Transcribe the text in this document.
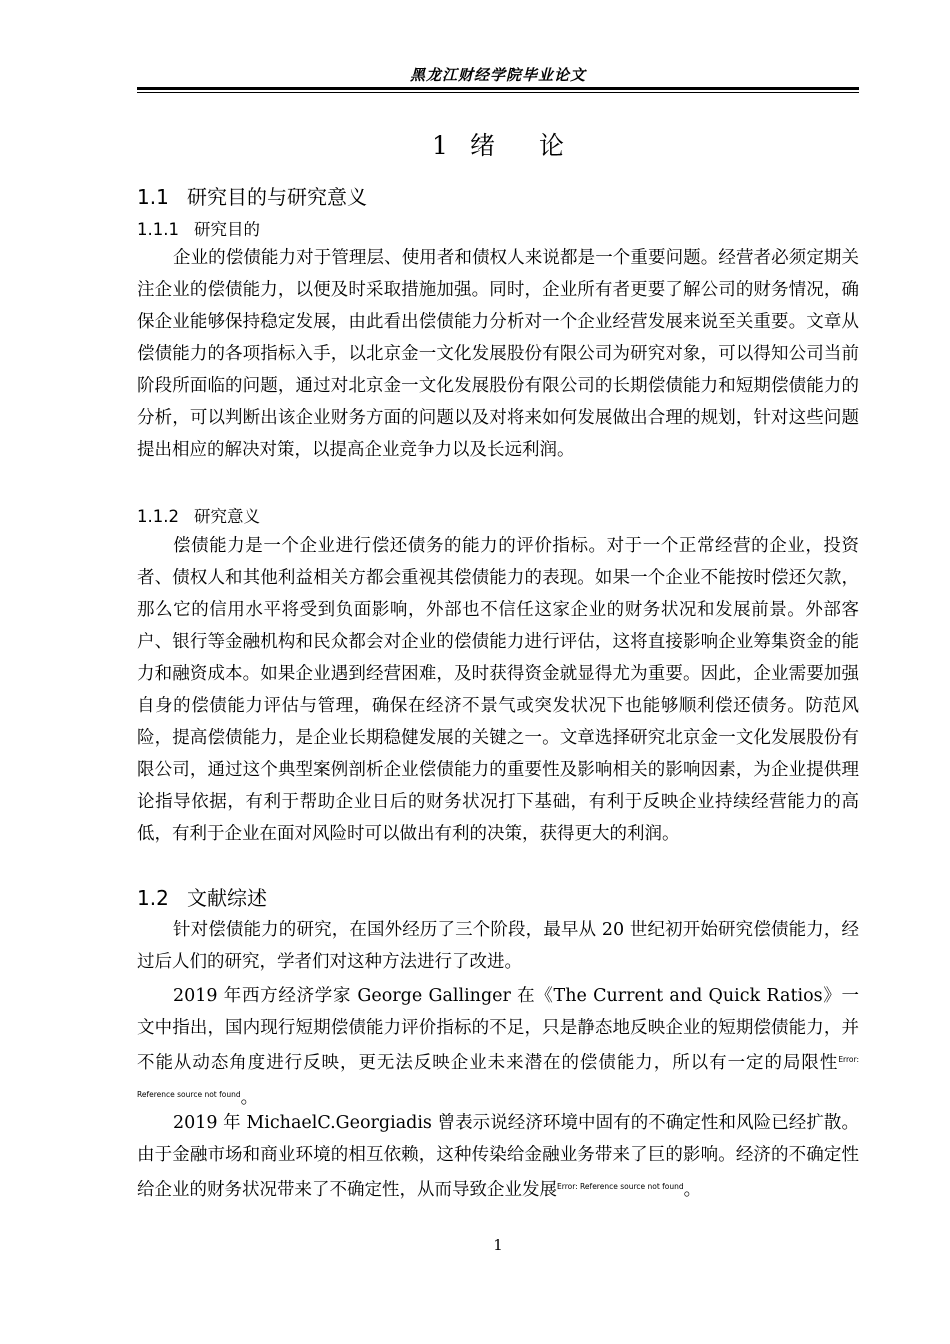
黑龙江财经学院毕业论文
1 绪 论
1.1 研究目的与研究意义
1.1.1 研究目的

企业的偿债能力对于管理层、使用者和债权人来说都是一个重要问题。经营者必须定期关注企业的偿债能力，以便及时采取措施加强。同时，企业所有者更要了解公司的财务情况，确保企业能够保持稳定发展，由此看出偿债能力分析对一个企业经营发展来说至关重要。文章从偿债能力的各项指标入手，以北京金一文化发展股份有限公司为研究对象，可以得知公司当前阶段所面临的问题，通过对北京金一文化发展股份有限公司的长期偿债能力和短期偿债能力的分析，可以判断出该企业财务方面的问题以及对将来如何发展做出合理的规划，针对这些问题提出相应的解决对策，以提高企业竞争力以及长远利润。

1.1.2 研究意义

偿债能力是一个企业进行偿还债务的能力的评价指标。对于一个正常经营的企业，投资者、债权人和其他利益相关方都会重视其偿债能力的表现。如果一个企业不能按时偿还欠款，那么它的信用水平将受到负面影响，外部也不信任这家企业的财务状况和发展前景。外部客户、银行等金融机构和民众都会对企业的偿债能力进行评估，这将直接影响企业筹集资金的能力和融资成本。如果企业遇到经营困难，及时获得资金就显得尤为重要。因此，企业需要加强自身的偿债能力评估与管理，确保在经济不景气或突发状况下也能够顺利偿还债务。防范风险，提高偿债能力，是企业长期稳健发展的关键之一。文章选择研究北京金一文化发展股份有限公司，通过这个典型案例剖析企业偿债能力的重要性及影响相关的影响因素，为企业提供理论指导依据，有利于帮助企业日后的财务状况打下基础，有利于反映企业持续经营能力的高低，有利于企业在面对风险时可以做出有利的决策，获得更大的利润。

1.2 文献综述

针对偿债能力的研究，在国外经历了三个阶段，最早从 20 世纪初开始研究偿债能力，经过后人们的研究，学者们对这种方法进行了改进。

2019 年西方经济学家 George Gallinger 在《The Current and Quick Ratios》一文中指出，国内现行短期偿债能力评价指标的不足，只是静态地反映企业的短期偿债能力，并不能从动态角度进行反映，更无法反映企业未来潜在的偿债能力，所以有一定的局限性$^{Error: Reference source not found}$。

2019 年 MichaelC.Georgiadis 曾表示说经济环境中固有的不确定性和风险已经扩散。由于金融市场和商业环境的相互依赖，这种传染给金融业务带来了巨的影响。经济的不确定性给企业的财务状况带来了不确定性，从而导致企业发展$^{Error: Reference source not found}$。

1
